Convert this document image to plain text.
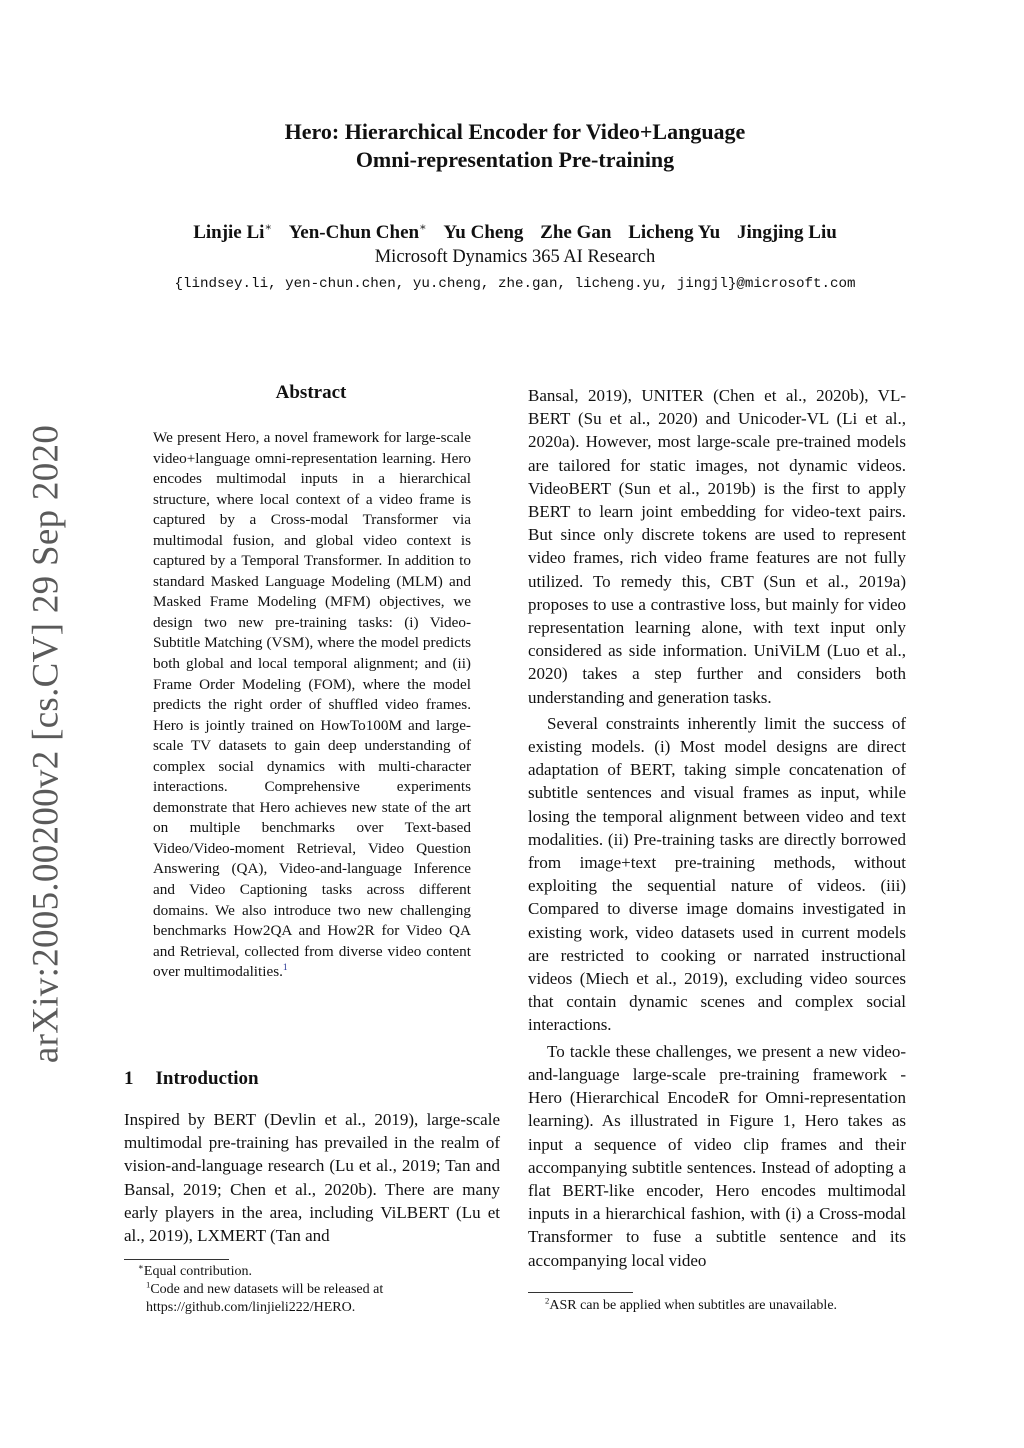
Hero: Hierarchical Encoder for Video+Language

Omni-representation Pre-training

Linjie Li∗ Yen-Chun Chen∗ Yu Cheng Zhe Gan Licheng Yu Jingjing Liu
Microsoft Dynamics 365 AI Research
{lindsey.li, yen-chun.chen, yu.cheng, zhe.gan, licheng.yu, jingjl}@microsoft.com
arXiv:2005.00200v2 [cs.CV] 29 Sep 2020
Abstract

We present Hero, a novel framework for large-scale video+language omni-representation learning. Hero encodes multimodal inputs in a hierarchical structure, where local context of a video frame is captured by a Cross-modal Transformer via multimodal fusion, and global video context is captured by a Temporal Transformer. In addition to standard Masked Language Modeling (MLM) and Masked Frame Modeling (MFM) objectives, we design two new pre-training tasks: (i) Video-Subtitle Matching (VSM), where the model predicts both global and local temporal alignment; and (ii) Frame Order Modeling (FOM), where the model predicts the right order of shuffled video frames. Hero is jointly trained on HowTo100M and large-scale TV datasets to gain deep understanding of complex social dynamics with multi-character interactions. Comprehensive experiments demonstrate that Hero achieves new state of the art on multiple benchmarks over Text-based Video/Video-moment Retrieval, Video Question Answering (QA), Video-and-language Inference and Video Captioning tasks across different domains. We also introduce two new challenging benchmarks How2QA and How2R for Video QA and Retrieval, collected from diverse video content over multimodalities.$^1$

1 Introduction

Inspired by BERT (Devlin et al., 2019), large-scale multimodal pre-training has prevailed in the realm of vision-and-language research (Lu et al., 2019; Tan and Bansal, 2019; Chen et al., 2020b). There are many early players in the area, including ViLBERT (Lu et al., 2019), LXMERT (Tan and

∗Equal contribution.

$^1$Code and new datasets will be released at https://github.com/linjieli222/HERO.

Bansal, 2019), UNITER (Chen et al., 2020b), VL-BERT (Su et al., 2020) and Unicoder-VL (Li et al., 2020a). However, most large-scale pre-trained models are tailored for static images, not dynamic videos. VideoBERT (Sun et al., 2019b) is the first to apply BERT to learn joint embedding for video-text pairs. But since only discrete tokens are used to represent video frames, rich video frame features are not fully utilized. To remedy this, CBT (Sun et al., 2019a) proposes to use a contrastive loss, but mainly for video representation learning alone, with text input only considered as side information. UniViLM (Luo et al., 2020) takes a step further and considers both understanding and generation tasks.

Several constraints inherently limit the success of existing models. (i) Most model designs are direct adaptation of BERT, taking simple concatenation of subtitle sentences and visual frames as input, while losing the temporal alignment between video and text modalities. (ii) Pre-training tasks are directly borrowed from image+text pre-training methods, without exploiting the sequential nature of videos. (iii) Compared to diverse image domains investigated in existing work, video datasets used in current models are restricted to cooking or narrated instructional videos (Miech et al., 2019), excluding video sources that contain dynamic scenes and complex social interactions.

To tackle these challenges, we present a new video-and-language large-scale pre-training framework - Hero (Hierarchical EncodeR for Omni-representation learning). As illustrated in Figure 1, Hero takes as input a sequence of video clip frames and their accompanying subtitle sentences. Instead of adopting a flat BERT-like encoder, Hero encodes multimodal inputs in a hierarchical fashion, with (i) a Cross-modal Transformer to fuse a subtitle sentence and its accompanying local video

$^2$ASR can be applied when subtitles are unavailable.
